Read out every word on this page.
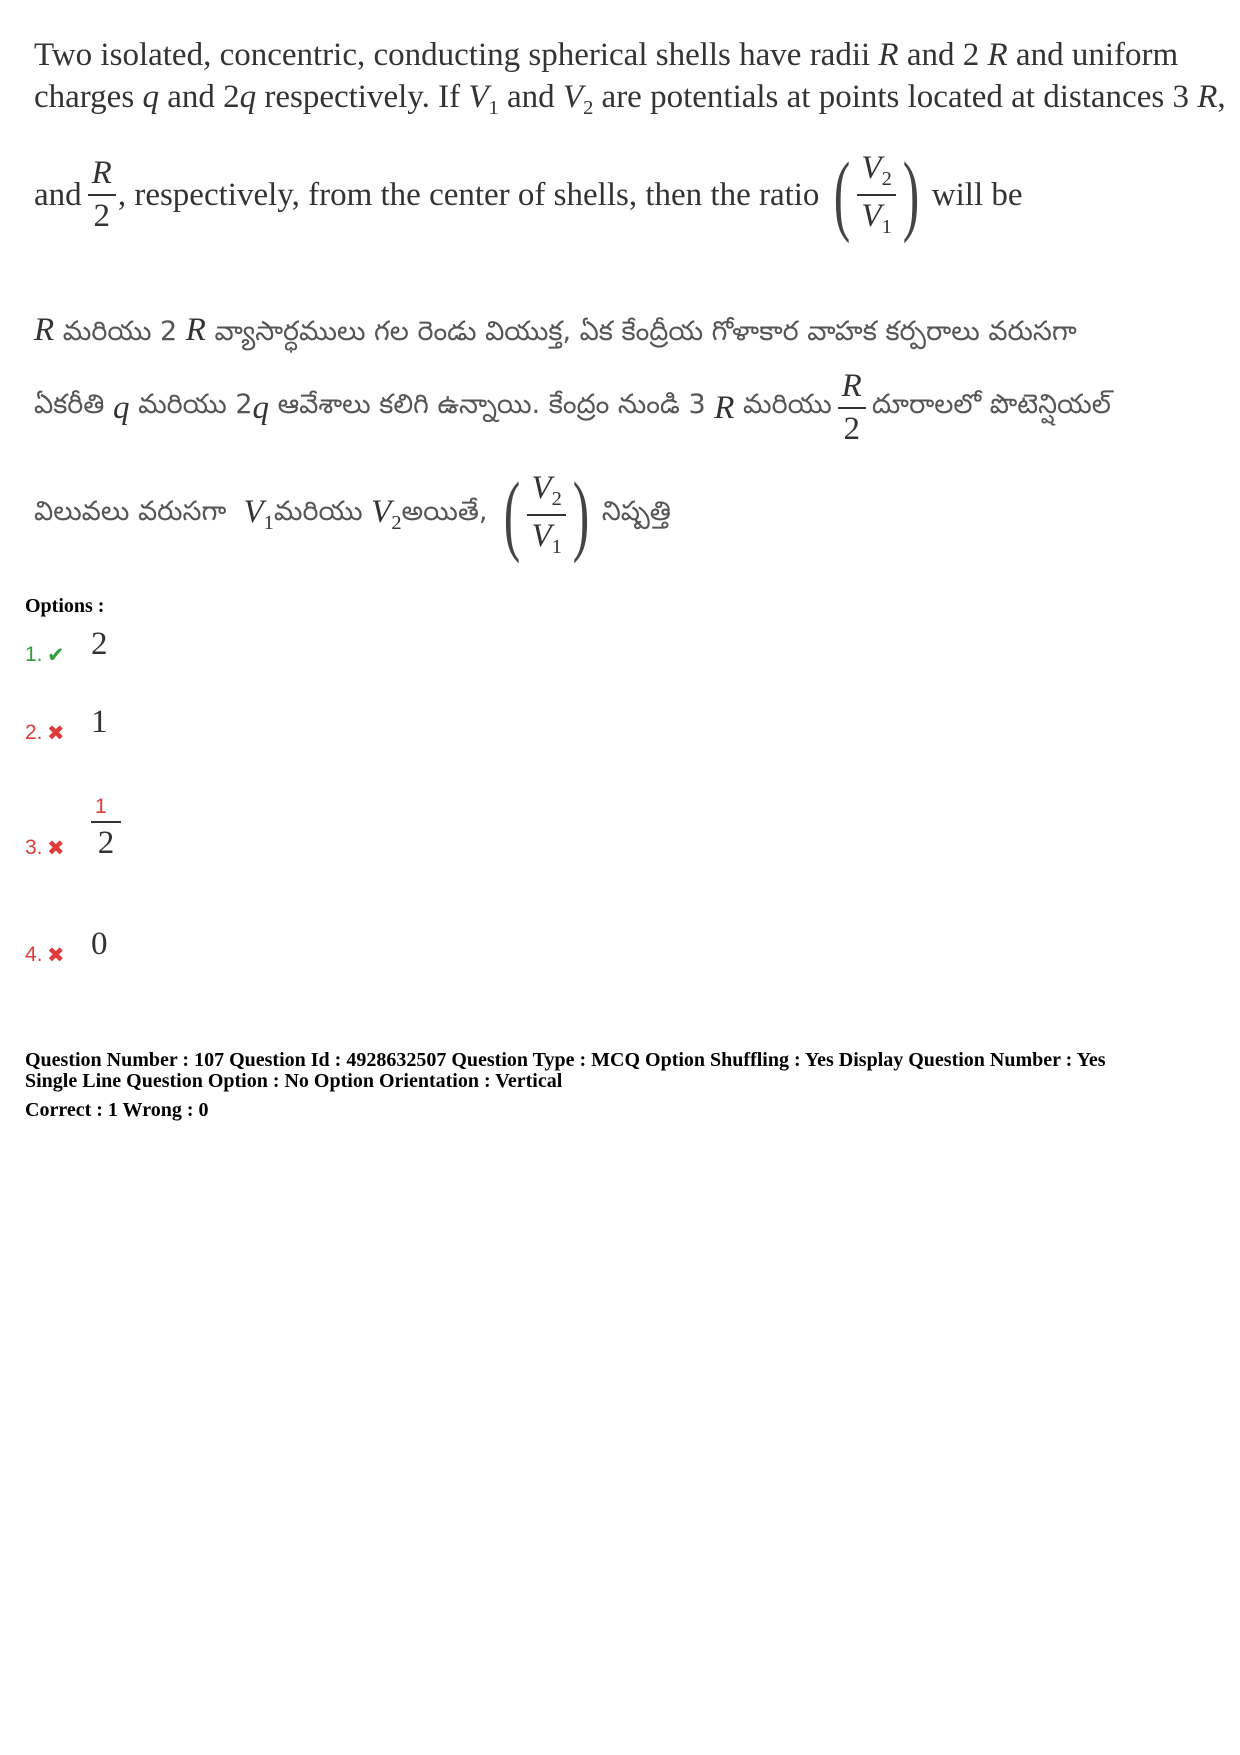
Two isolated, concentric, conducting spherical shells have radii R and 2 R and uniform
charges q and 2q respectively. If $V_1$ and $V_2$ are potentials at points located at distances 3 R,
and $\frac{R}{2}$ , respectively, from the center of shells, then the ratio ( $\frac{V_2}{V_1}$ ) will be
R మరియు 2 R వ్యాసార్ధములు గల రెండు వియుక్త, ఏక కేంద్రీయ గోళాకార వాహక కర్పరాలు వరుసగా
ఏకరీతి
q
మరియు 2 q
ఆవేశాలు కలిగి ఉన్నాయి. కేంద్రం నుండి 3
R
మరియు $\frac{R}{2}$ దూరాలలో పొటెన్షియల్
విలువలు వరుసగా
$V_1$ మరియు
$V_2$ అయితే, ( $\frac{V_2}{V_1}$ ) నిష్పత్తి
Options :
1. ✔ 2
2. ✖ 1
3. ✖	$\frac{1}{2}$
4. ✖ 0
Question Number : 107 Question Id : 4928632507 Question Type : MCQ Option Shuffling : Yes Display Question Number : Yes
Single Line Question Option : No Option Orientation : Vertical
Correct : 1 Wrong : 0
